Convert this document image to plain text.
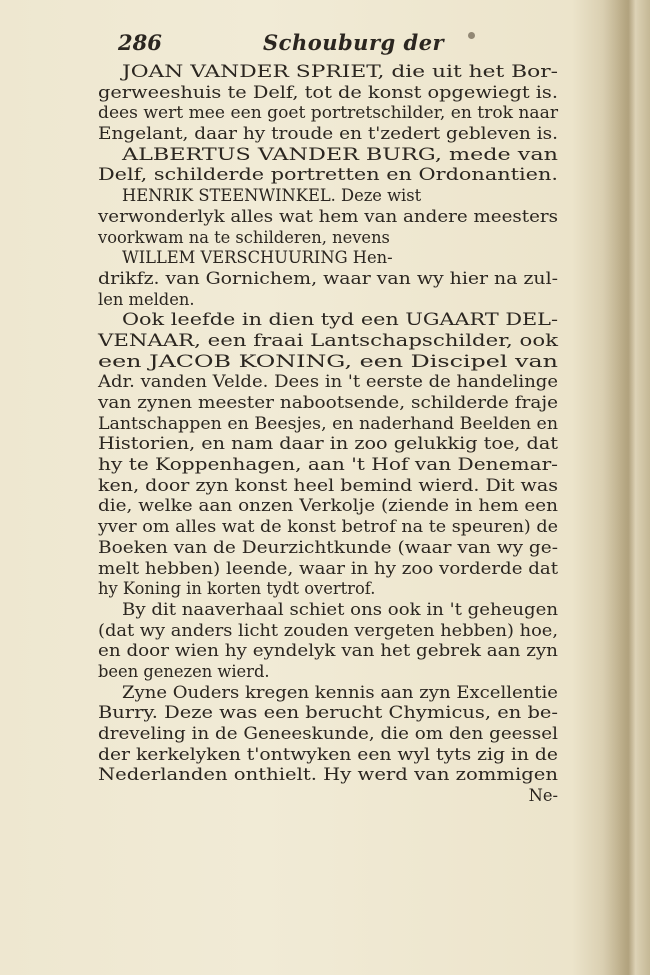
286	Schouburg der
JOAN VANDER SPRIET, die uit het Bor-
gerweeshuis te Delf, tot de konst opgewiegt is.
dees wert mee een goet portretschilder, en trok naar
Engelant, daar hy troude en t'zedert gebleven is.
ALBERTUS VANDER BURG, mede van
Delf, schilderde portretten en Ordonantien.
HENRIK STEENWINKEL. Deze wist
verwonderlyk alles wat hem van andere meesters
voorkwam na te schilderen, nevens
WILLEM VERSCHUURING Hen-
drikfz. van Gornichem, waar van wy hier na zul-
len melden.
Ook leefde in dien tyd een UGAART DEL-
VENAAR, een fraai Lantschapschilder, ook
een JACOB KONING, een Discipel van
Adr. vanden Velde. Dees in 't eerste de handelinge
van zynen meester nabootsende, schilderde fraje
Lantschappen en Beesjes, en naderhand Beelden en
Historien, en nam daar in zoo gelukkig toe, dat
hy te Koppenhagen, aan 't Hof van Denemar-
ken, door zyn konst heel bemind wierd. Dit was
die, welke aan onzen Verkolje (ziende in hem een
yver om alles wat de konst betrof na te speuren) de
Boeken van de Deurzichtkunde (waar van wy ge-
melt hebben) leende, waar in hy zoo vorderde dat
hy Koning in korten tydt overtrof.
By dit naaverhaal schiet ons ook in 't geheugen
(dat wy anders licht zouden vergeten hebben) hoe,
en door wien hy eyndelyk van het gebrek aan zyn
been genezen wierd.
Zyne Ouders kregen kennis aan zyn Excellentie
Burry. Deze was een berucht Chymicus, en be-
dreveling in de Geneeskunde, die om den geessel
der kerkelyken t'ontwyken een wyl tyts zig in de
Nederlanden onthielt. Hy werd van zommigen
Ne-
